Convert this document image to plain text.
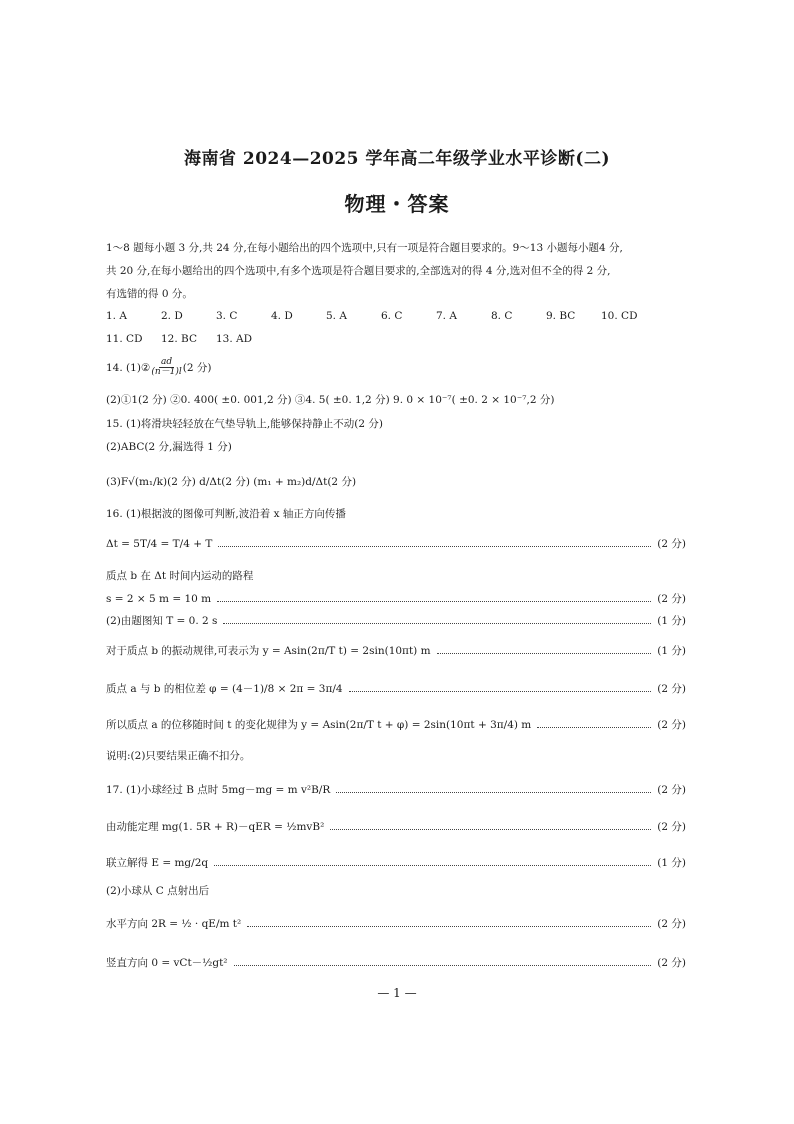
海南省 2024—2025 学年高二年级学业水平诊断(二)
物理・答案
1～8 题每小题 3 分,共 24 分,在每小题给出的四个选项中,只有一项是符合题目要求的。9～13 小题每小题4 分,
共 20 分,在每小题给出的四个选项中,有多个选项是符合题目要求的,全部选对的得 4 分,选对但不全的得 2 分,
有选错的得 0 分。
1. A	2. D	3. C	4. D	5. A	6. C	7. A	8. C	9. BC 10. CD
11. CD 12. BC 13. AD
14. (1)② $\frac{ad}{(n-1)l} (2$ 分)
(2)①1(2 分) ②0. 400( ±0. 001,2 分) ③4. 5( ±0. 1,2 分) 9. 0 × 10⁻⁷( ±0. 2 × 10⁻⁷,2 分)
15. (1)将滑块轻轻放在气垫导轨上,能够保持静止不动(2 分)
(2)ABC(2 分,漏选得 1 分)
(3)F√(m₁/k)(2 分) d/Δt(2 分) (m₁ + m₂)d/Δt(2 分)
16. (1)根据波的图像可判断,波沿着 x 轴正方向传播
Δt = 5T/4 = T/4 + T	(2 分)
质点 b 在 Δt 时间内运动的路程
s = 2 × 5 m = 10 m	(2 分)
(2)由题图知 T = 0. 2 s	(1 分)
对于质点 b 的振动规律,可表示为 y = Asin(2π/T t) = 2sin(10πt) m	(1 分)
质点 a 与 b 的相位差 φ = (4－1)/8 × 2π = 3π/4	(2 分)
所以质点 a 的位移随时间 t 的变化规律为 y = Asin(2π/T t + φ) = 2sin(10πt + 3π/4) m	(2 分)
说明:(2)只要结果正确不扣分。
17. (1)小球经过 B 点时 5mg－mg = m v²B/R	(2 分)
由动能定理 mg(1. 5R + R)－qER = ½mvB²	(2 分)
联立解得 E = mg/2q	(1 分)
(2)小球从 C 点射出后
水平方向 2R = ½ · qE/m t²	(2 分)
竖直方向 0 = vCt－½gt²	(2 分)
— 1 —
